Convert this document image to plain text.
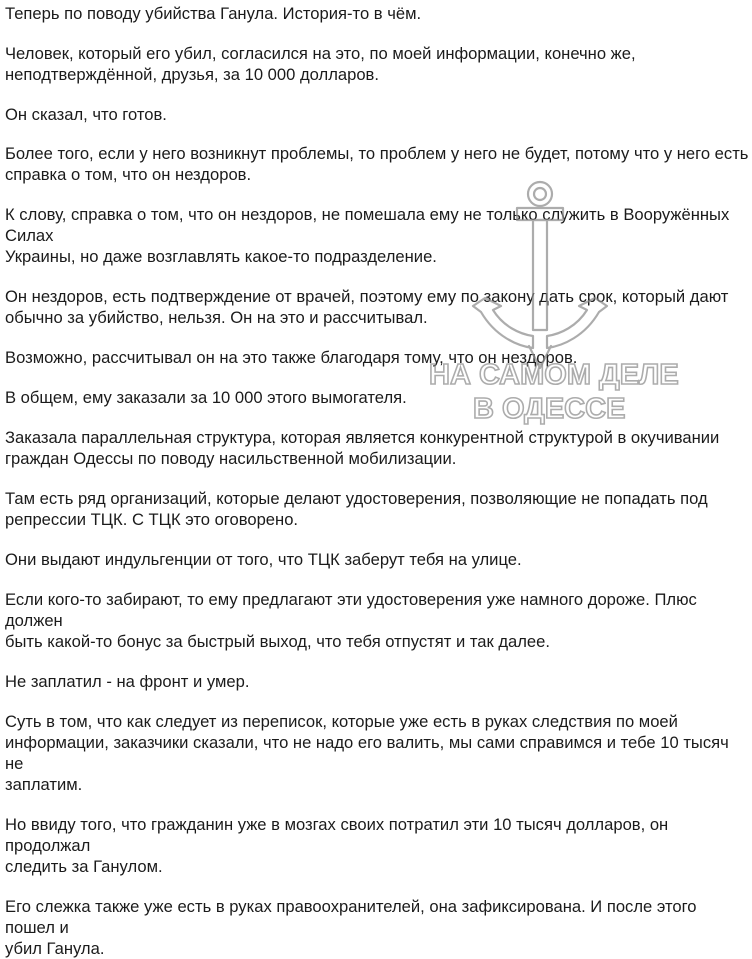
Теперь по поводу убийства Ганула. История-то в чём.

Человек, который его убил, согласился на это, по моей информации, конечно же,
неподтверждённой, друзья, за 10 000 долларов.

Он сказал, что готов.

Более того, если у него возникнут проблемы, то проблем у него не будет, потому что у него есть
справка о том, что он нездоров.

К слову, справка о том, что он нездоров, не помешала ему не только служить в Вооружённых Силах
Украины, но даже возглавлять какое-то подразделение.

Он нездоров, есть подтверждение от врачей, поэтому ему по закону дать срок, который дают
обычно за убийство, нельзя. Он на это и рассчитывал.

Возможно, рассчитывал он на это также благодаря тому, что он нездоров.

В общем, ему заказали за 10 000 этого вымогателя.

Заказала параллельная структура, которая является конкурентной структурой в окучивании
граждан Одессы по поводу насильственной мобилизации.

Там есть ряд организаций, которые делают удостоверения, позволяющие не попадать под
репрессии ТЦК. С ТЦК это оговорено.

Они выдают индульгенции от того, что ТЦК заберут тебя на улице.

Если кого-то забирают, то ему предлагают эти удостоверения уже намного дороже. Плюс должен
быть какой-то бонус за быстрый выход, что тебя отпустят и так далее.

Не заплатил - на фронт и умер.

Суть в том, что как следует из переписок, которые уже есть в руках следствия по моей
информации, заказчики сказали, что не надо его валить, мы сами справимся и тебе 10 тысяч не
заплатим.

Но ввиду того, что гражданин уже в мозгах своих потратил эти 10 тысяч долларов, он продолжал
следить за Ганулом.

Его слежка также уже есть в руках правоохранителей, она зафиксирована. И после этого пошел и
убил Ганула.

НА САМОМ ДЕЛЕ
В ОДЕССЕ
